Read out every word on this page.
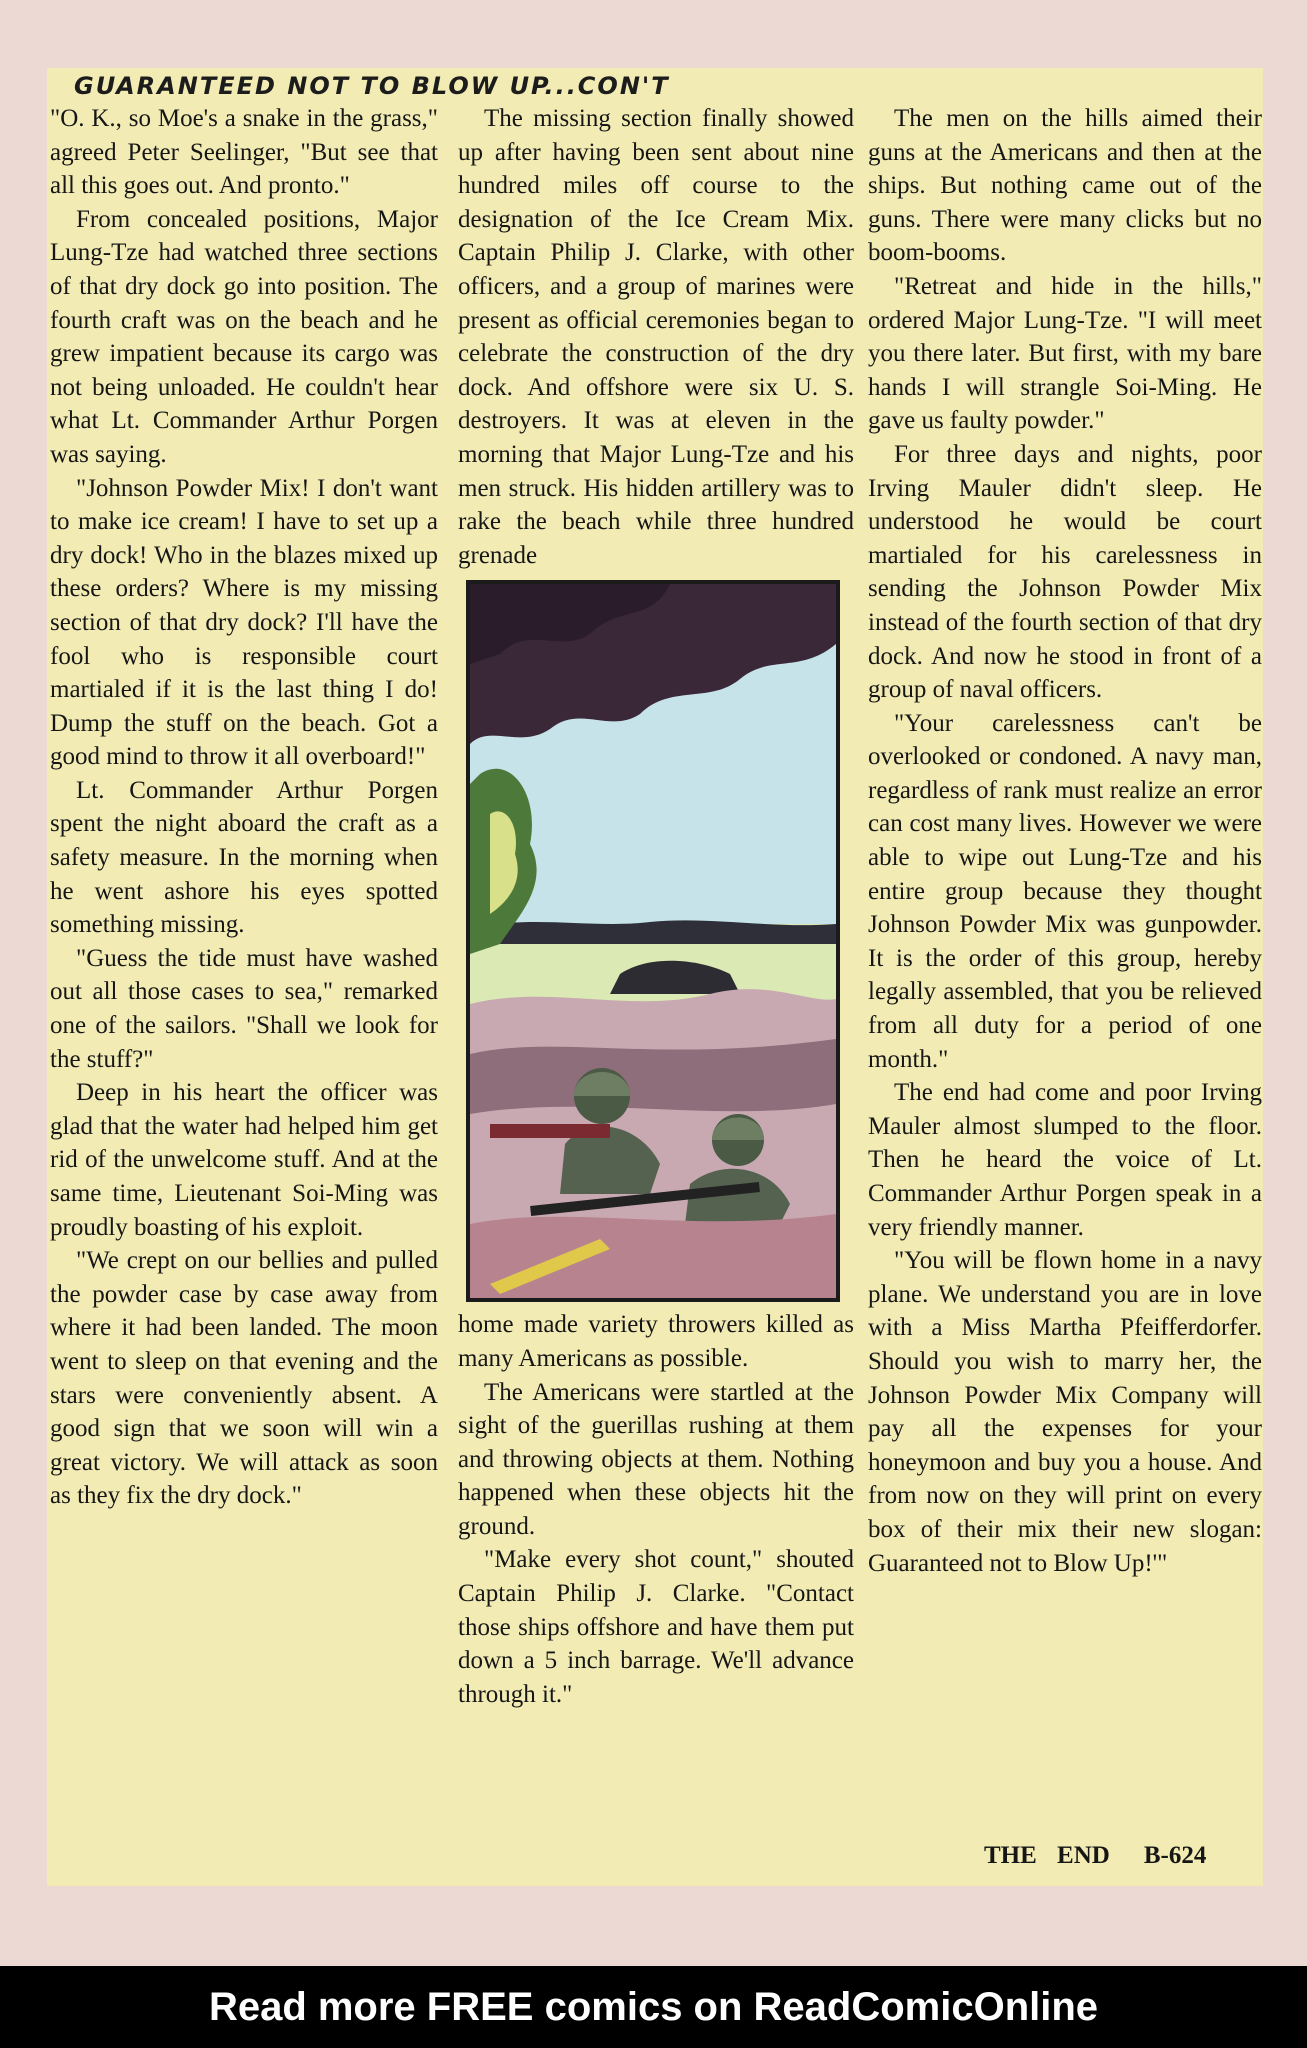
GUARANTEED NOT TO BLOW UP...CON'T

"O. K., so Moe's a snake in the grass," agreed Peter Seelinger, "But see that all this goes out. And pronto."

From concealed positions, Major Lung-Tze had watched three sections of that dry dock go into position. The fourth craft was on the beach and he grew impatient because its cargo was not being unloaded. He couldn't hear what Lt. Commander Arthur Porgen was saying.

"Johnson Powder Mix! I don't want to make ice cream! I have to set up a dry dock! Who in the blazes mixed up these orders? Where is my missing section of that dry dock? I'll have the fool who is responsible court martialed if it is the last thing I do! Dump the stuff on the beach. Got a good mind to throw it all overboard!"

Lt. Commander Arthur Porgen spent the night aboard the craft as a safety measure. In the morning when he went ashore his eyes spotted something missing.

"Guess the tide must have washed out all those cases to sea," remarked one of the sailors. "Shall we look for the stuff?"

Deep in his heart the officer was glad that the water had helped him get rid of the unwelcome stuff. And at the same time, Lieutenant Soi-Ming was proudly boasting of his exploit.

"We crept on our bellies and pulled the powder case by case away from where it had been landed. The moon went to sleep on that evening and the stars were conveniently absent. A good sign that we soon will win a great victory. We will attack as soon as they fix the dry dock."

The missing section finally showed up after having been sent about nine hundred miles off course to the designation of the Ice Cream Mix. Captain Philip J. Clarke, with other officers, and a group of marines were present as official ceremonies began to celebrate the construction of the dry dock. And offshore were six U. S. destroyers. It was at eleven in the morning that Major Lung-Tze and his men struck. His hidden artillery was to rake the beach while three hundred grenade

home made variety throwers killed as many Americans as possible.

The Americans were startled at the sight of the guerillas rushing at them and throwing objects at them. Nothing happened when these objects hit the ground.

"Make every shot count," shouted Captain Philip J. Clarke. "Contact those ships offshore and have them put down a 5 inch barrage. We'll advance through it."

The men on the hills aimed their guns at the Americans and then at the ships. But nothing came out of the guns. There were many clicks but no boom-booms.

"Retreat and hide in the hills," ordered Major Lung-Tze. "I will meet you there later. But first, with my bare hands I will strangle Soi-Ming. He gave us faulty powder."

For three days and nights, poor Irving Mauler didn't sleep. He understood he would be court martialed for his carelessness in sending the Johnson Powder Mix instead of the fourth section of that dry dock. And now he stood in front of a group of naval officers.

"Your carelessness can't be overlooked or condoned. A navy man, regardless of rank must realize an error can cost many lives. However we were able to wipe out Lung-Tze and his entire group because they thought Johnson Powder Mix was gunpowder. It is the order of this group, hereby legally assembled, that you be relieved from all duty for a period of one month."

The end had come and poor Irving Mauler almost slumped to the floor. Then he heard the voice of Lt. Commander Arthur Porgen speak in a very friendly manner.

"You will be flown home in a navy plane. We understand you are in love with a Miss Martha Pfeifferdorfer. Should you wish to marry her, the Johnson Powder Mix Company will pay all the expenses for your honeymoon and buy you a house. And from now on they will print on every box of their mix their new slogan: Guaranteed not to Blow Up!'"

THE END B-624
Read more FREE comics on ReadComicOnline
